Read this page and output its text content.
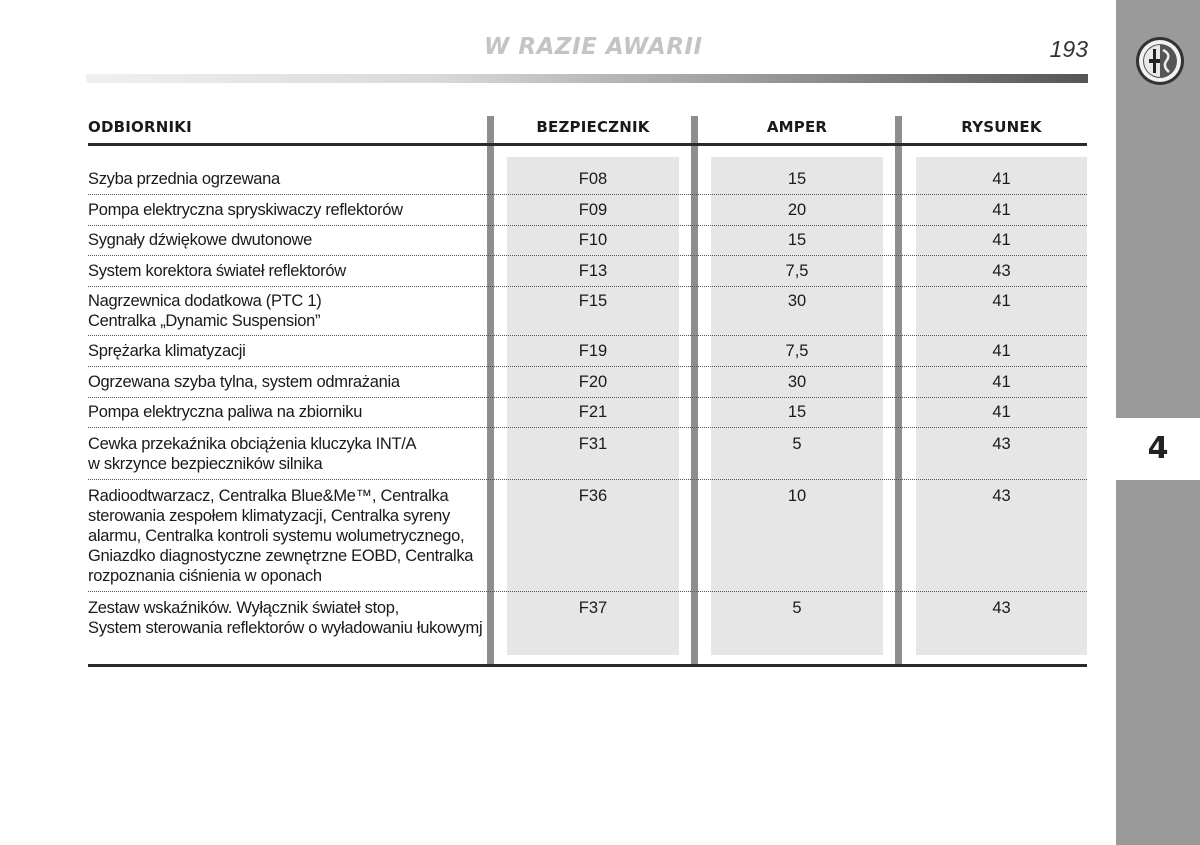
W RAZIE AWARII	193
4
ODBIORNIKI	BEZPIECZNIK	AMPER	RYSUNEK
Szyba przednia ogrzewana	F08	15	41
Pompa elektryczna spryskiwaczy reflektorów	F09	20	41
Sygnały dźwiękowe dwutonowe	F10	15	41
System korektora świateł reflektorów	F13	7,5	43
Nagrzewnica dodatkowa (PTC 1)
Centralka „Dynamic Suspension”
F15	30	41
Sprężarka klimatyzacji	F19	7,5	41
Ogrzewana szyba tylna, system odmrażania	F20	30	41
Pompa elektryczna paliwa na zbiorniku	F21	15	41
Cewka przekaźnika obciążenia kluczyka INT/A
w skrzynce bezpieczników silnika
F31	5	43
Radioodtwarzacz, Centralka Blue&Me™, Centralka
sterowania zespołem klimatyzacji, Centralka syreny
alarmu, Centralka kontroli systemu wolumetrycznego,
Gniazdko diagnostyczne zewnętrzne EOBD, Centralka
rozpoznania ciśnienia w oponach
F36	10	43
Zestaw wskaźników. Wyłącznik świateł stop,
System sterowania reflektorów o wyładowaniu łukowymj
F37	5	43
